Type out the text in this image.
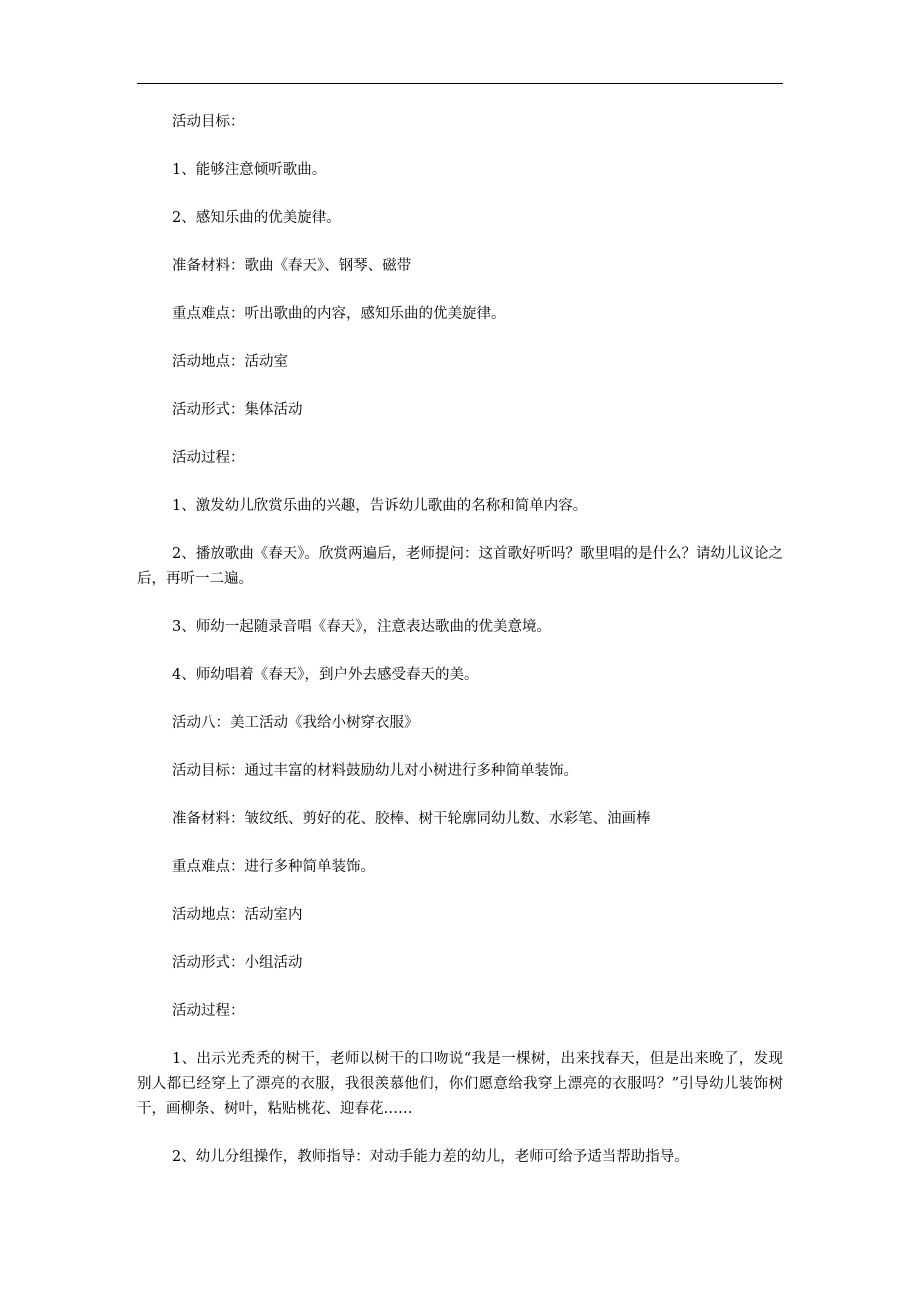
活动目标：

1、能够注意倾听歌曲。

2、感知乐曲的优美旋律。

准备材料：歌曲《春天》、钢琴、磁带

重点难点：听出歌曲的内容，感知乐曲的优美旋律。

活动地点：活动室

活动形式：集体活动

活动过程：

1、激发幼儿欣赏乐曲的兴趣，告诉幼儿歌曲的名称和简单内容。

2、播放歌曲《春天》。欣赏两遍后，老师提问：这首歌好听吗？歌里唱的是什么？请幼儿议论之后，再听一二遍。

3、师幼一起随录音唱《春天》，注意表达歌曲的优美意境。

4、师幼唱着《春天》，到户外去感受春天的美。

活动八：美工活动《我给小树穿衣服》

活动目标：通过丰富的材料鼓励幼儿对小树进行多种简单装饰。

准备材料：皱纹纸、剪好的花、胶棒、树干轮廓同幼儿数、水彩笔、油画棒

重点难点：进行多种简单装饰。

活动地点：活动室内

活动形式：小组活动

活动过程：

1、出示光秃秃的树干，老师以树干的口吻说“我是一棵树，出来找春天，但是出来晚了，发现别人都已经穿上了漂亮的衣服，我很羡慕他们，你们愿意给我穿上漂亮的衣服吗？”引导幼儿装饰树干，画柳条、树叶，粘贴桃花、迎春花……

2、幼儿分组操作，教师指导：对动手能力差的幼儿，老师可给予适当帮助指导。
